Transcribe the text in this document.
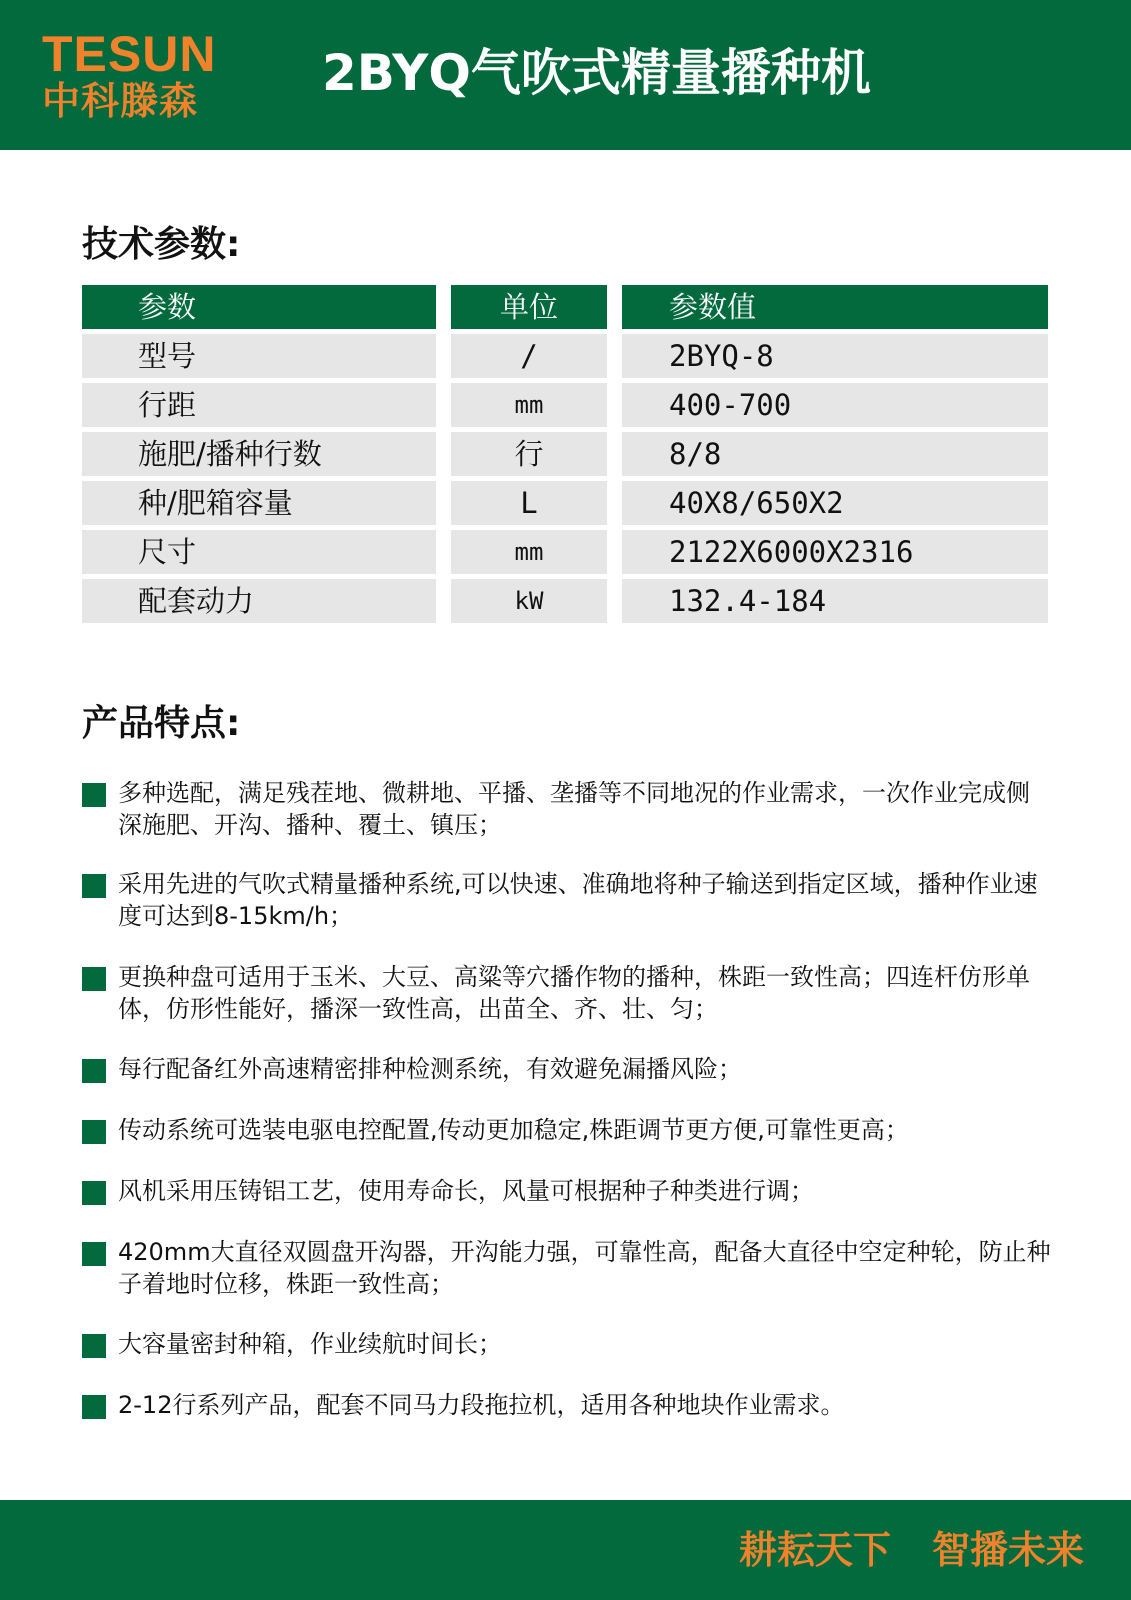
TESUN
中科滕森 2BYQ气吹式精量播种机
技术参数:
参数	单位	参数值
型号	/	2BYQ-8
行距	mm	400-700
施肥/播种行数	行	8/8
种/肥箱容量	L	40X8/650X2
尺寸	mm	2122X6000X2316
配套动力	kW	132.4-184
产品特点:
多种选配，满足残茬地、微耕地、平播、垄播等不同地况的作业需求，一次作业完成侧深施肥、开沟、播种、覆土、镇压；
采用先进的气吹式精量播种系统,可以快速、准确地将种子输送到指定区域，播种作业速度可达到8-15km/h；
更换种盘可适用于玉米、大豆、高粱等穴播作物的播种，株距一致性高；四连杆仿形单体，仿形性能好，播深一致性高，出苗全、齐、壮、匀；
每行配备红外高速精密排种检测系统，有效避免漏播风险；
传动系统可选装电驱电控配置,传动更加稳定,株距调节更方便,可靠性更高；
风机采用压铸铝工艺，使用寿命长，风量可根据种子种类进行调；
420mm大直径双圆盘开沟器，开沟能力强，可靠性高，配备大直径中空定种轮，防止种子着地时位移，株距一致性高；
大容量密封种箱，作业续航时间长；
2-12行系列产品，配套不同马力段拖拉机，适用各种地块作业需求。
耕耘天下 智播未来
